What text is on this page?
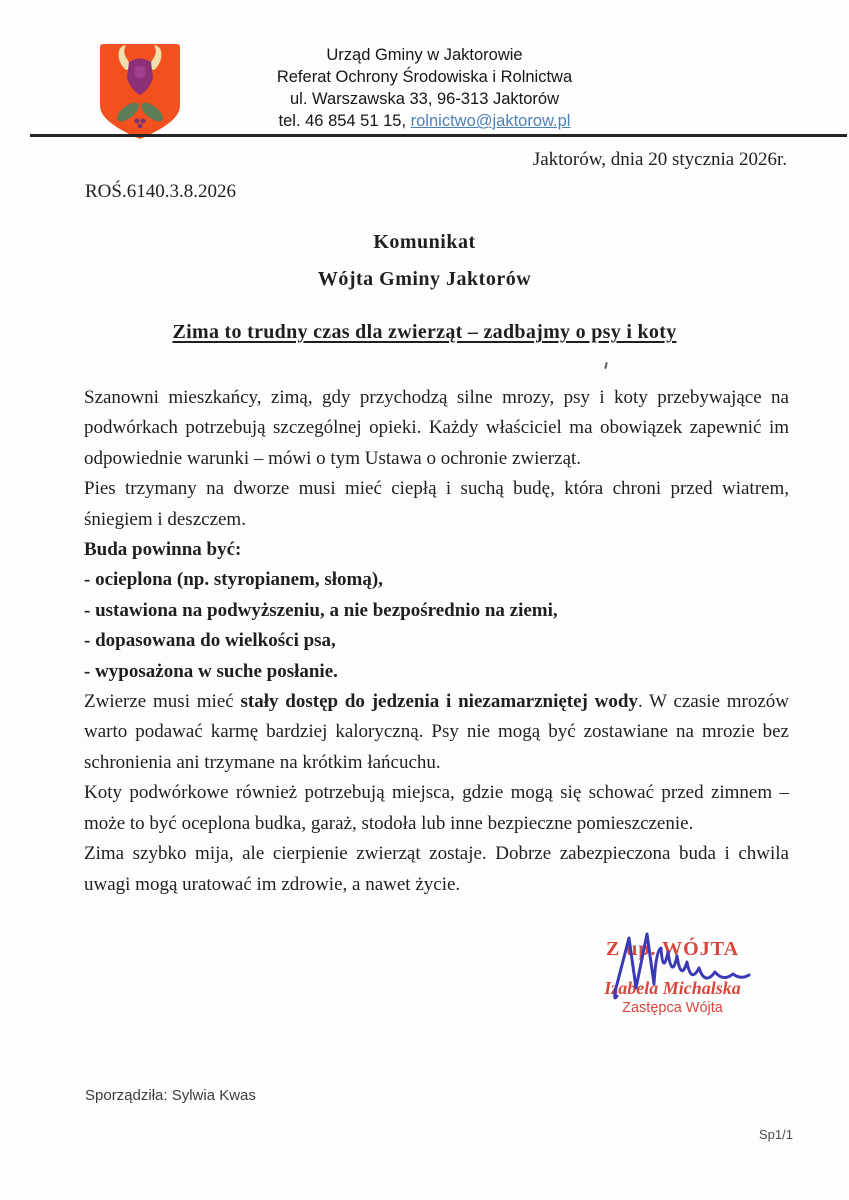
Urząd Gminy w Jaktorowie
Referat Ochrony Środowiska i Rolnictwa
ul. Warszawska 33, 96-313 Jaktorów
tel. 46 854 51 15, rolnictwo@jaktorow.pl
Jaktorów, dnia 20 stycznia 2026r.
ROŚ.6140.3.8.2026
Komunikat
Wójta Gminy Jaktorów
Zima to trudny czas dla zwierząt – zadbajmy o psy i koty

Szanowni mieszkańcy, zimą, gdy przychodzą silne mrozy, psy i koty przebywające na podwórkach potrzebują szczególnej opieki. Każdy właściciel ma obowiązek zapewnić im odpowiednie warunki – mówi o tym Ustawa o ochronie zwierząt.

Pies trzymany na dworze musi mieć ciepłą i suchą budę, która chroni przed wiatrem, śniegiem i deszczem.

Buda powinna być:

- ocieplona (np. styropianem, słomą),

- ustawiona na podwyższeniu, a nie bezpośrednio na ziemi,

- dopasowana do wielkości psa,

- wyposażona w suche posłanie.

Zwierze musi mieć stały dostęp do jedzenia i niezamarzniętej wody. W czasie mrozów warto podawać karmę bardziej kaloryczną. Psy nie mogą być zostawiane na mrozie bez schronienia ani trzymane na krótkim łańcuchu.

Koty podwórkowe również potrzebują miejsca, gdzie mogą się schować przed zimnem – może to być oceplona budka, garaż, stodoła lub inne bezpieczne pomieszczenie.

Zima szybko mija, ale cierpienie zwierząt zostaje. Dobrze zabezpieczona buda i chwila uwagi mogą uratować im zdrowie, a nawet życie.

Z up. WÓJTA
Izabela Michalska
Zastępca Wójta
Sporządziła: Sylwia Kwas
Sp1/1
